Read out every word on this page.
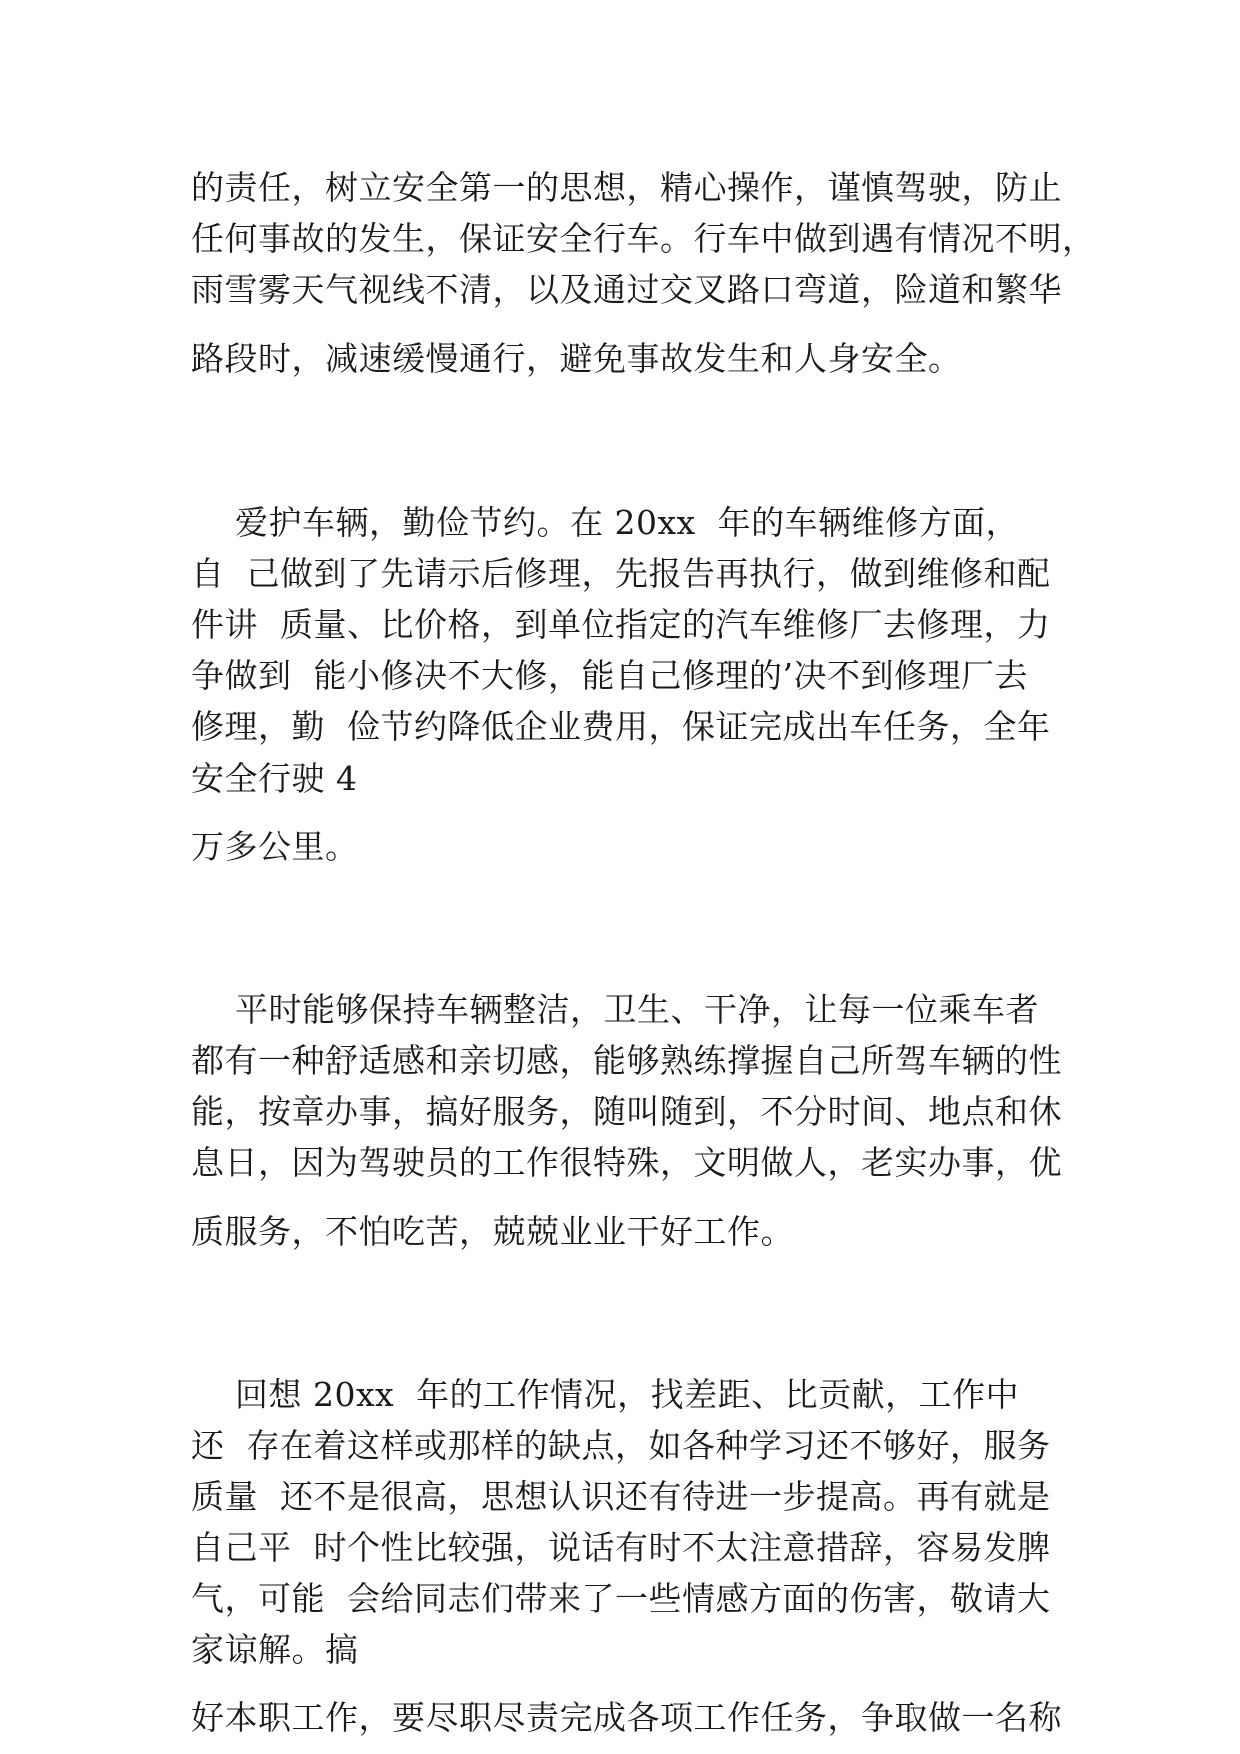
的责任，树立安全第一的思想，精心操作，谨慎驾驶，防止
任何事故的发生，保证安全行车。行车中做到遇有情况不明，
雨雪雾天气视线不清，以及通过交叉路口弯道，险道和繁华
路段时，减速缓慢通行，避免事故发生和人身安全。
爱护车辆，勤俭节约。在 20xx  年的车辆维修方面，
自  己做到了先请示后修理，先报告再执行，做到维修和配
件讲  质量、比价格，到单位指定的汽车维修厂去修理，力
争做到  能小修决不大修，能自己修理的’决不到修理厂去
修理，勤  俭节约降低企业费用，保证完成出车任务，全年
安全行驶 4
万多公里。
平时能够保持车辆整洁，卫生、干净，让每一位乘车者
都有一种舒适感和亲切感，能够熟练撑握自己所驾车辆的性
能，按章办事，搞好服务，随叫随到，不分时间、地点和休
息日，因为驾驶员的工作很特殊，文明做人，老实办事，优
质服务，不怕吃苦，兢兢业业干好工作。
回想 20xx  年的工作情况，找差距、比贡献，工作中
还  存在着这样或那样的缺点，如各种学习还不够好，服务
质量  还不是很高，思想认识还有待进一步提高。再有就是
自己平  时个性比较强，说话有时不太注意措辞，容易发脾
气，可能  会给同志们带来了一些情感方面的伤害，敬请大
家谅解。搞
好本职工作，要尽职尽责完成各项工作任务，争取做一名称
